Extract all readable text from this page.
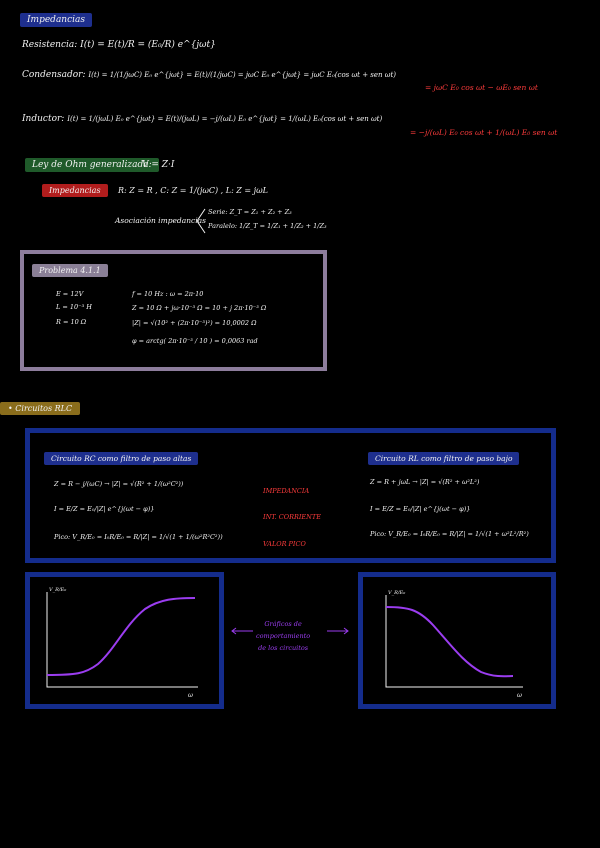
Impedancias
Resistencia: I(t) = E(t)/R = (E₀/R) e^{jωt}
Condensador: I(t) = 1/(1/jωC) E₀ e^{jωt} = E(t)/(1/jωC) = jωC E₀ e^{jωt} = jωC E₀(cos ωt + sen ωt)
= jωC E₀ cos ωt − ωE₀ sen ωt
Inductor: I(t) = 1/(jωL) E₀ e^{jωt} = E(t)/(jωL) = −j/(ωL) E₀ e^{jωt} = 1/(ωL) E₀(cos ωt + sen ωt)
= −j/(ωL) E₀ cos ωt + 1/(ωL) E₀ sen ωt
Ley de Ohm generalizada:
V = Z·I
Impedancias	R: Z = R , C: Z = 1/(jωC) , L: Z = jωL
Asociación impedancias
Serie: Z_T = Z₁ + Z₂ + Z₃
Paralelo: 1/Z_T = 1/Z₁ + 1/Z₂ + 1/Z₃
Problema 4.1.1
E = 12V
L = 10⁻³ H
R = 10 Ω
f = 10 Hz : ω = 2π·10
Z = 10 Ω + jω·10⁻³ Ω = 10 + j 2π·10⁻³ Ω
|Z| = √(10² + (2π·10⁻³)²) = 10,0002 Ω
φ = arctg( 2π·10⁻³ / 10 ) = 0,0063 rad
• Circuitos RLC
Circuito RC como filtro de paso altas
Z = R − j/(ωC) → |Z| = √(R² + 1/(ω²C²))
I = E/Z = E₀/|Z| e^{j(ωt − φ)}
Pico: V_R/E₀ = I₀R/E₀ = R/|Z| = 1/√(1 + 1/(ω²R²C²))
IMPEDANCIA
INT. CORRIENTE
VALOR PICO
Circuito RL como filtro de paso bajo
Z = R + jωL → |Z| = √(R² + ω²L²)
I = E/Z = E₀/|Z| e^{j(ωt − φ)}
Pico: V_R/E₀ = I₀R/E₀ = R/|Z| = 1/√(1 + ω²L²/R²)
V_R/E₀
ω
V_R/E₀
ω
Gráficos de
comportamiento
de los circuitos
